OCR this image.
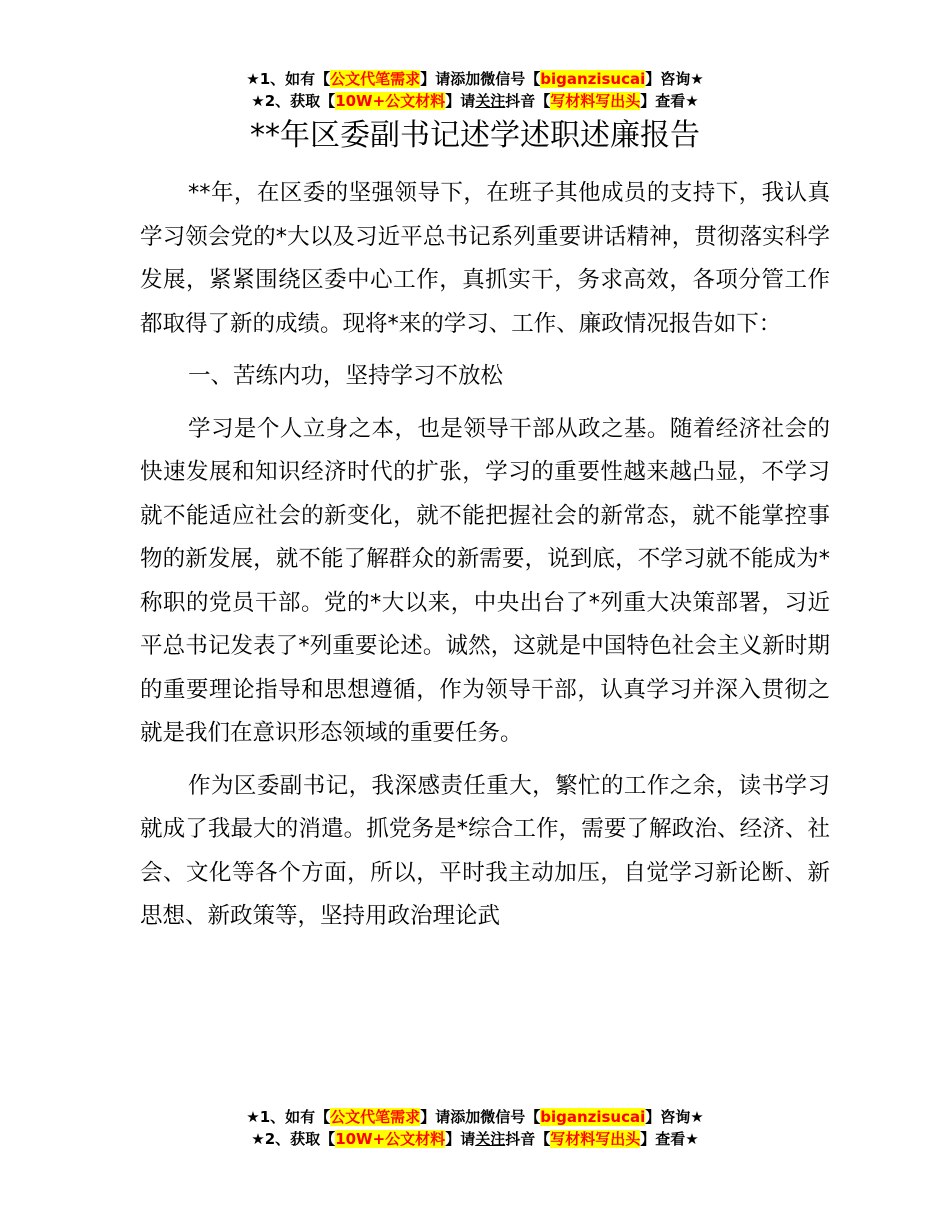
★1、如有【公文代笔需求】请添加微信号【biganzisucai】咨询★
★2、获取【10W+公文材料】请关注抖音【写材料写出头】查看★
**年区委副书记述学述职述廉报告

**年，在区委的坚强领导下，在班子其他成员的支持下，我认真学习领会党的*大以及习近平总书记系列重要讲话精神，贯彻落实科学发展，紧紧围绕区委中心工作，真抓实干，务求高效，各项分管工作都取得了新的成绩。现将*来的学习、工作、廉政情况报告如下：

一、苦练内功，坚持学习不放松

学习是个人立身之本，也是领导干部从政之基。随着经济社会的快速发展和知识经济时代的扩张，学习的重要性越来越凸显，不学习就不能适应社会的新变化，就不能把握社会的新常态，就不能掌控事物的新发展，就不能了解群众的新需要，说到底，不学习就不能成为*称职的党员干部。党的*大以来，中央出台了*列重大决策部署，习近平总书记发表了*列重要论述。诚然，这就是中国特色社会主义新时期的重要理论指导和思想遵循，作为领导干部，认真学习并深入贯彻之就是我们在意识形态领域的重要任务。

作为区委副书记，我深感责任重大，繁忙的工作之余，读书学习就成了我最大的消遣。抓党务是*综合工作，需要了解政治、经济、社会、文化等各个方面，所以，平时我主动加压，自觉学习新论断、新思想、新政策等，坚持用政治理论武

★1、如有【公文代笔需求】请添加微信号【biganzisucai】咨询★
★2、获取【10W+公文材料】请关注抖音【写材料写出头】查看★
